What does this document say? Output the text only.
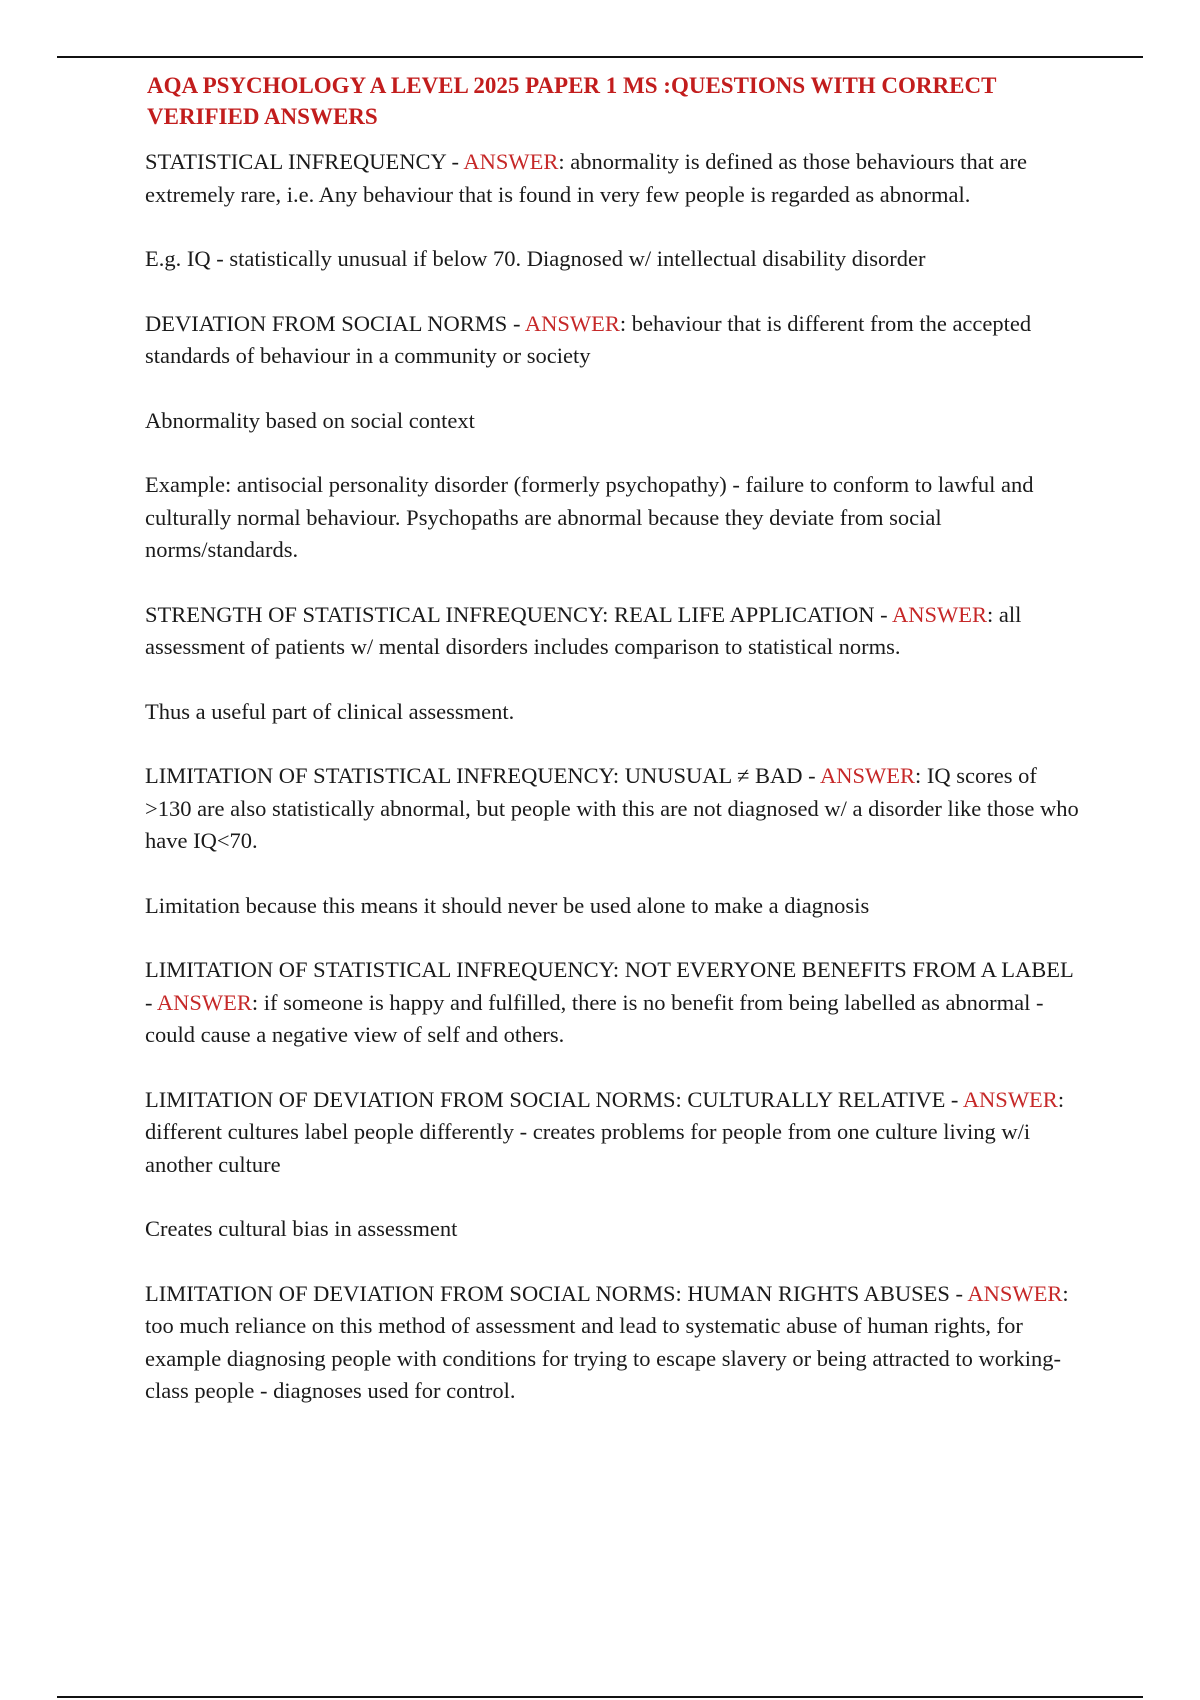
AQA PSYCHOLOGY A LEVEL 2025 PAPER 1 MS :QUESTIONS WITH CORRECT VERIFIED ANSWERS
STATISTICAL INFREQUENCY - ANSWER: abnormality is defined as those behaviours that are extremely rare, i.e. Any behaviour that is found in very few people is regarded as abnormal.
E.g. IQ - statistically unusual if below 70. Diagnosed w/ intellectual disability disorder
DEVIATION FROM SOCIAL NORMS - ANSWER: behaviour that is different from the accepted standards of behaviour in a community or society
Abnormality based on social context
Example: antisocial personality disorder (formerly psychopathy) - failure to conform to lawful and culturally normal behaviour. Psychopaths are abnormal because they deviate from social norms/standards.
STRENGTH OF STATISTICAL INFREQUENCY: REAL LIFE APPLICATION - ANSWER: all assessment of patients w/ mental disorders includes comparison to statistical norms.
Thus a useful part of clinical assessment.
LIMITATION OF STATISTICAL INFREQUENCY: UNUSUAL ≠ BAD - ANSWER: IQ scores of >130 are also statistically abnormal, but people with this are not diagnosed w/ a disorder like those who have IQ<70.
Limitation because this means it should never be used alone to make a diagnosis
LIMITATION OF STATISTICAL INFREQUENCY: NOT EVERYONE BENEFITS FROM A LABEL - ANSWER: if someone is happy and fulfilled, there is no benefit from being labelled as abnormal - could cause a negative view of self and others.
LIMITATION OF DEVIATION FROM SOCIAL NORMS: CULTURALLY RELATIVE - ANSWER: different cultures label people differently - creates problems for people from one culture living w/i another culture
Creates cultural bias in assessment
LIMITATION OF DEVIATION FROM SOCIAL NORMS: HUMAN RIGHTS ABUSES - ANSWER: too much reliance on this method of assessment and lead to systematic abuse of human rights, for example diagnosing people with conditions for trying to escape slavery or being attracted to working-class people - diagnoses used for control.
